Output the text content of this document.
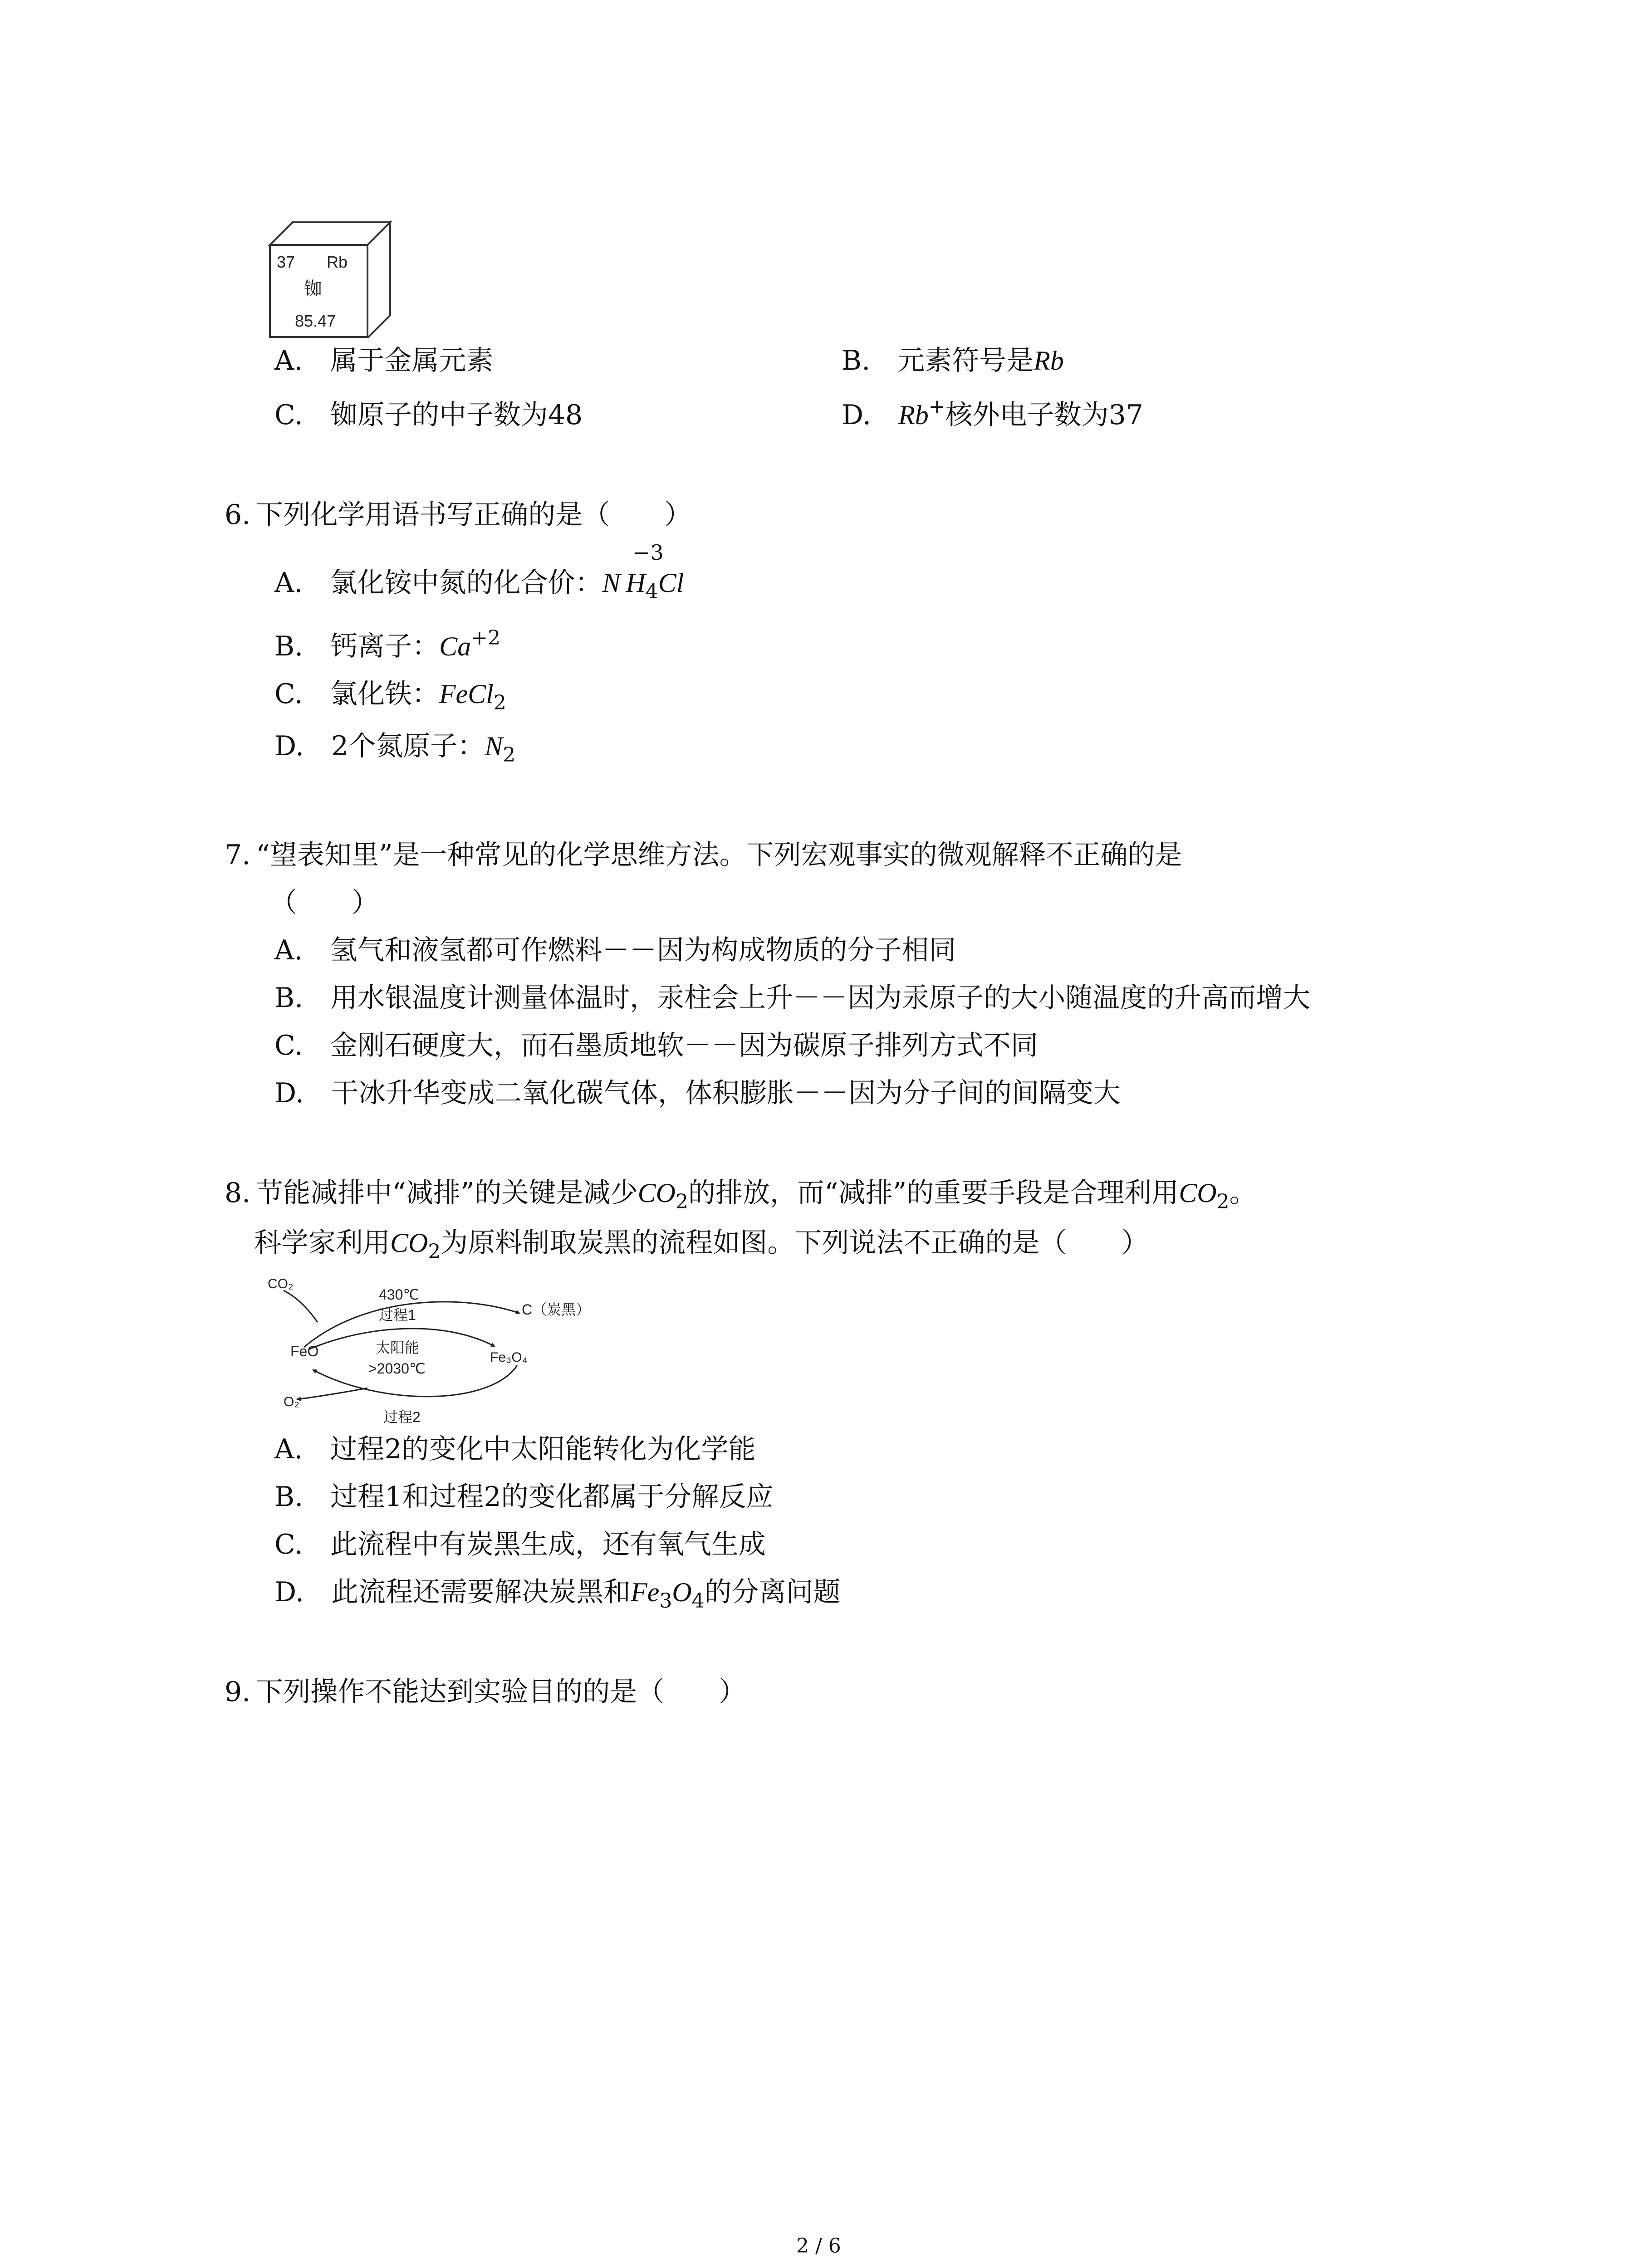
37 Rb
铷
85.47
A.  属于金属元素	B.  元素符号是Rb
C.  铷原子的中子数为48	D.  Rb+核外电子数为37
6.  下列化学用语书写正确的是（　　）
−3
A.  氯化铵中氮的化合价：N  $H_4Cl$
B.  钙离子：$Ca^{+2}$
C.  氯化铁：FeCl$_2$
D.  2个氮原子：$N_2$
7.  “望表知里”是一种常见的化学思维方法。下列宏观事实的微观解释不正确的是
（　　）
A.  氢气和液氢都可作燃料－－因为构成物质的分子相同
B.  用水银温度计测量体温时，汞柱会上升－－因为汞原子的大小随温度的升高而增大
C.  金刚石硬度大，而石墨质地软－－因为碳原子排列方式不同
D.  干冰升华变成二氧化碳气体，体积膨胀－－因为分子间的间隔变大
8.  节能减排中“减排”的关键是减少$CO_2$的排放，而“减排”的重要手段是合理利用$CO_2$。
科学家利用$CO_2$为原料制取炭黑的流程如图。下列说法不正确的是（　　）
CO₂
430℃
过程1	C（炭黑）
FeO	太阳能
>2030℃
Fe₃O₄
O₂
过程2
A.  过程2的变化中太阳能转化为化学能
B.  过程1和过程2的变化都属于分解反应
C.  此流程中有炭黑生成，还有氧气生成
D.  此流程还需要解决炭黑和$Fe_3O_4$的分离问题
9.  下列操作不能达到实验目的的是（　　）
2 / 6
